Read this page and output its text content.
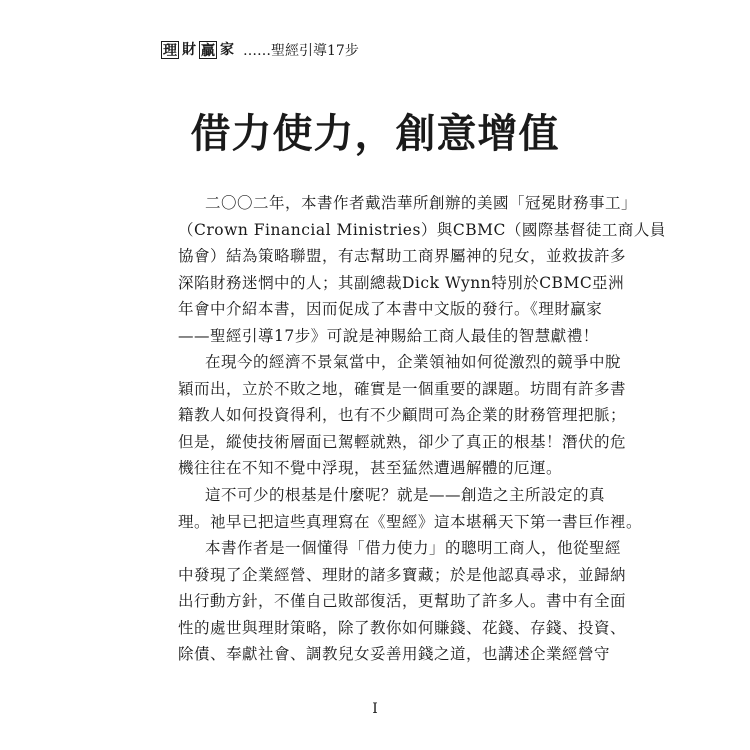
理 財 贏 家 ……聖經引導17步
借力使力，創意增值
二〇〇二年，本書作者戴浩華所創辦的美國「冠冕財務事工」
（Crown Financial Ministries）與CBMC（國際基督徒工商人員
協會）結為策略聯盟，有志幫助工商界屬神的兒女，並救拔許多
深陷財務迷惘中的人；其副總裁Dick Wynn特別於CBMC亞洲
年會中介紹本書，因而促成了本書中文版的發行。《理財贏家
——聖經引導17步》可說是神賜給工商人最佳的智慧獻禮！
在現今的經濟不景氣當中，企業領袖如何從激烈的競爭中脫
穎而出，立於不敗之地，確實是一個重要的課題。坊間有許多書
籍教人如何投資得利，也有不少顧問可為企業的財務管理把脈；
但是，縱使技術層面已駕輕就熟，卻少了真正的根基！潛伏的危
機往往在不知不覺中浮現，甚至猛然遭遇解體的厄運。
這不可少的根基是什麼呢？就是——創造之主所設定的真
理。祂早已把這些真理寫在《聖經》這本堪稱天下第一書巨作裡。
本書作者是一個懂得「借力使力」的聰明工商人，他從聖經
中發現了企業經營、理財的諸多寶藏；於是他認真尋求，並歸納
出行動方針，不僅自己敗部復活，更幫助了許多人。書中有全面
性的處世與理財策略，除了教你如何賺錢、花錢、存錢、投資、
除債、奉獻社會、調教兒女妥善用錢之道，也講述企業經營守
I
